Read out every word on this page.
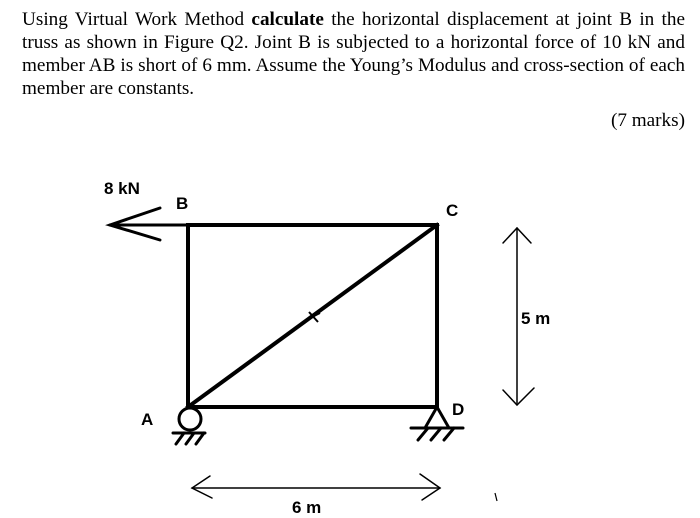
Using Virtual Work Method calculate the horizontal displacement at joint B in the truss as shown in Figure Q2. Joint B is subjected to a horizontal force of 10 kN and member AB is short of 6 mm. Assume the Young’s Modulus and cross-section of each member are constants.

(7 marks)
8 kN
B	C
A
D
5 m
6 m
